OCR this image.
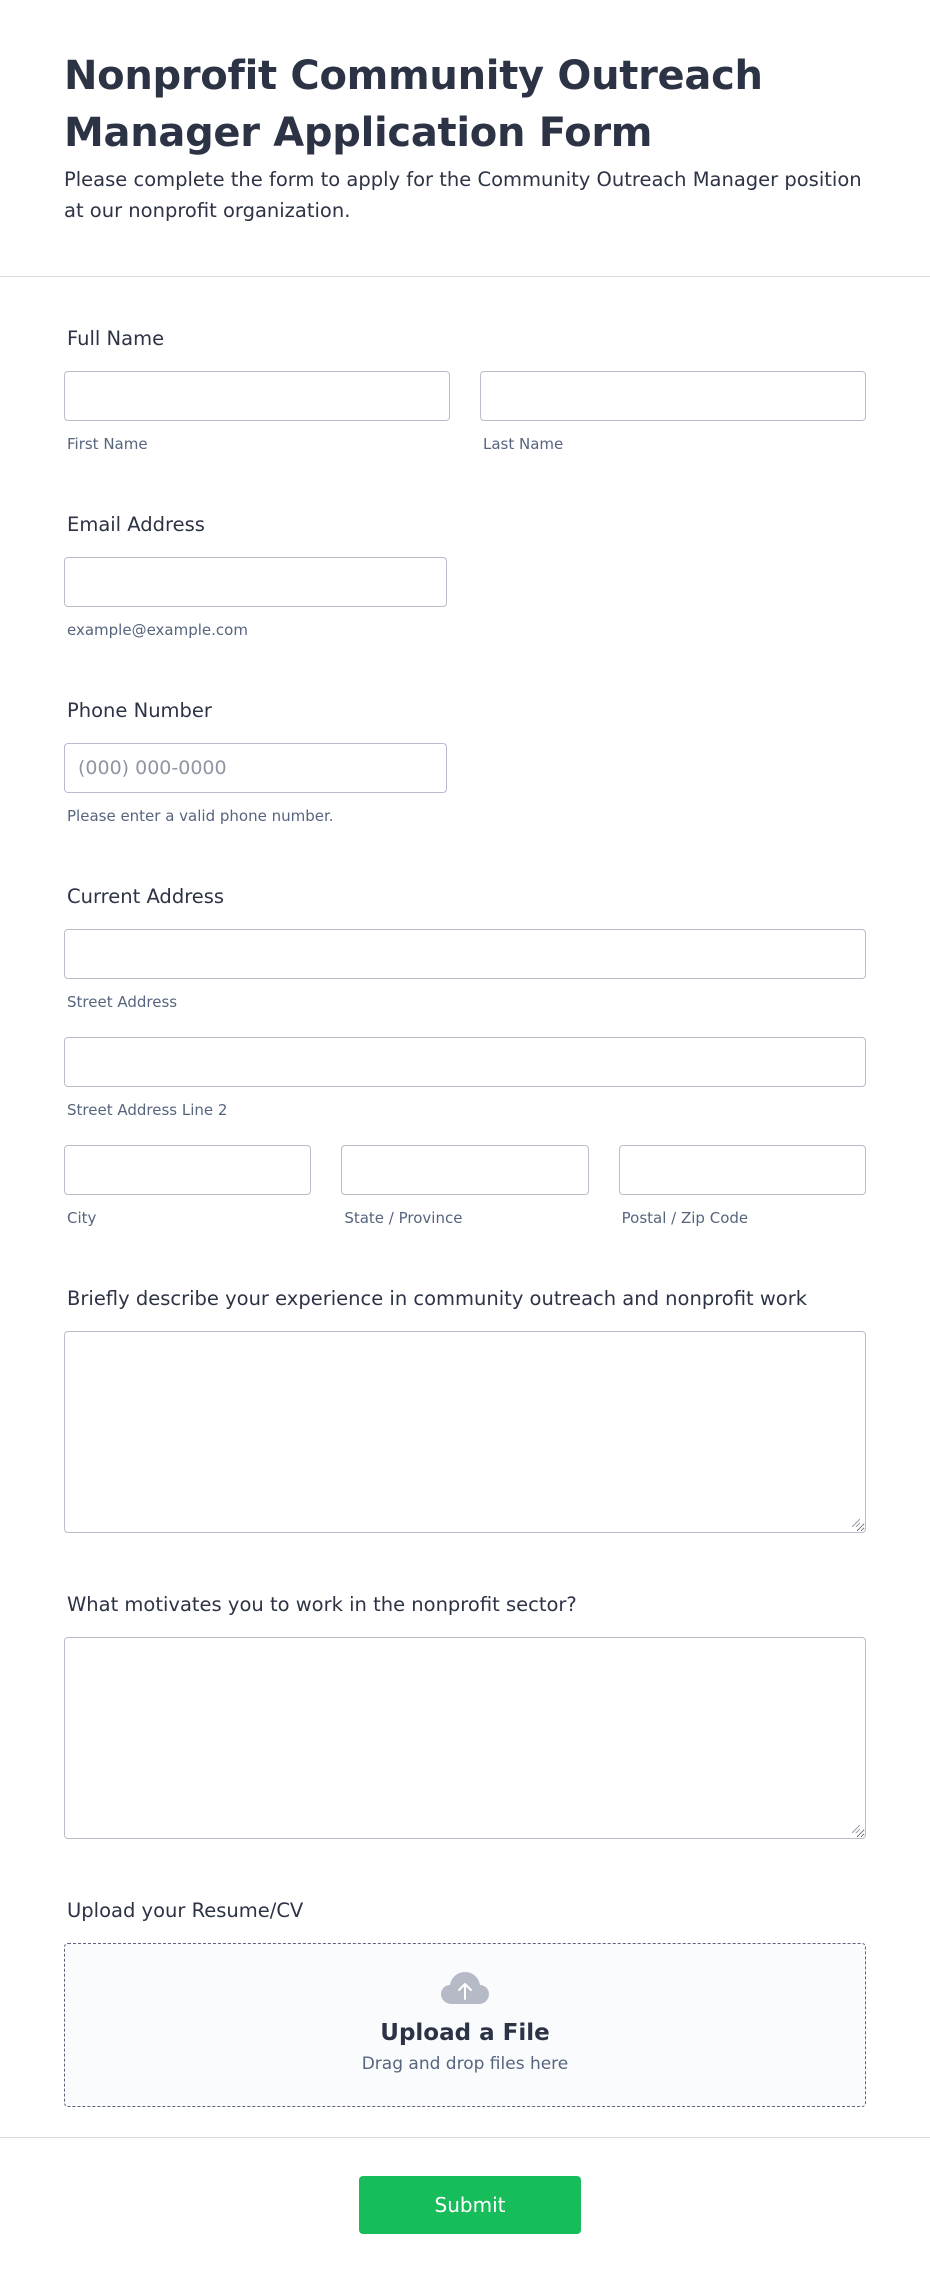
Nonprofit Community Outreach Manager Application Form

Please complete the form to apply for the Community Outreach Manager position at our nonprofit organization.

Full Name
First Name	Last Name
Email Address
example@example.com
Phone Number
(000) 000-0000
Please enter a valid phone number.
Current Address
Street Address
Street Address Line 2
City	State / Province	Postal / Zip Code
Briefly describe your experience in community outreach and nonprofit work
What motivates you to work in the nonprofit sector?
Upload your Resume/CV
Upload a File
Drag and drop files here
Submit
